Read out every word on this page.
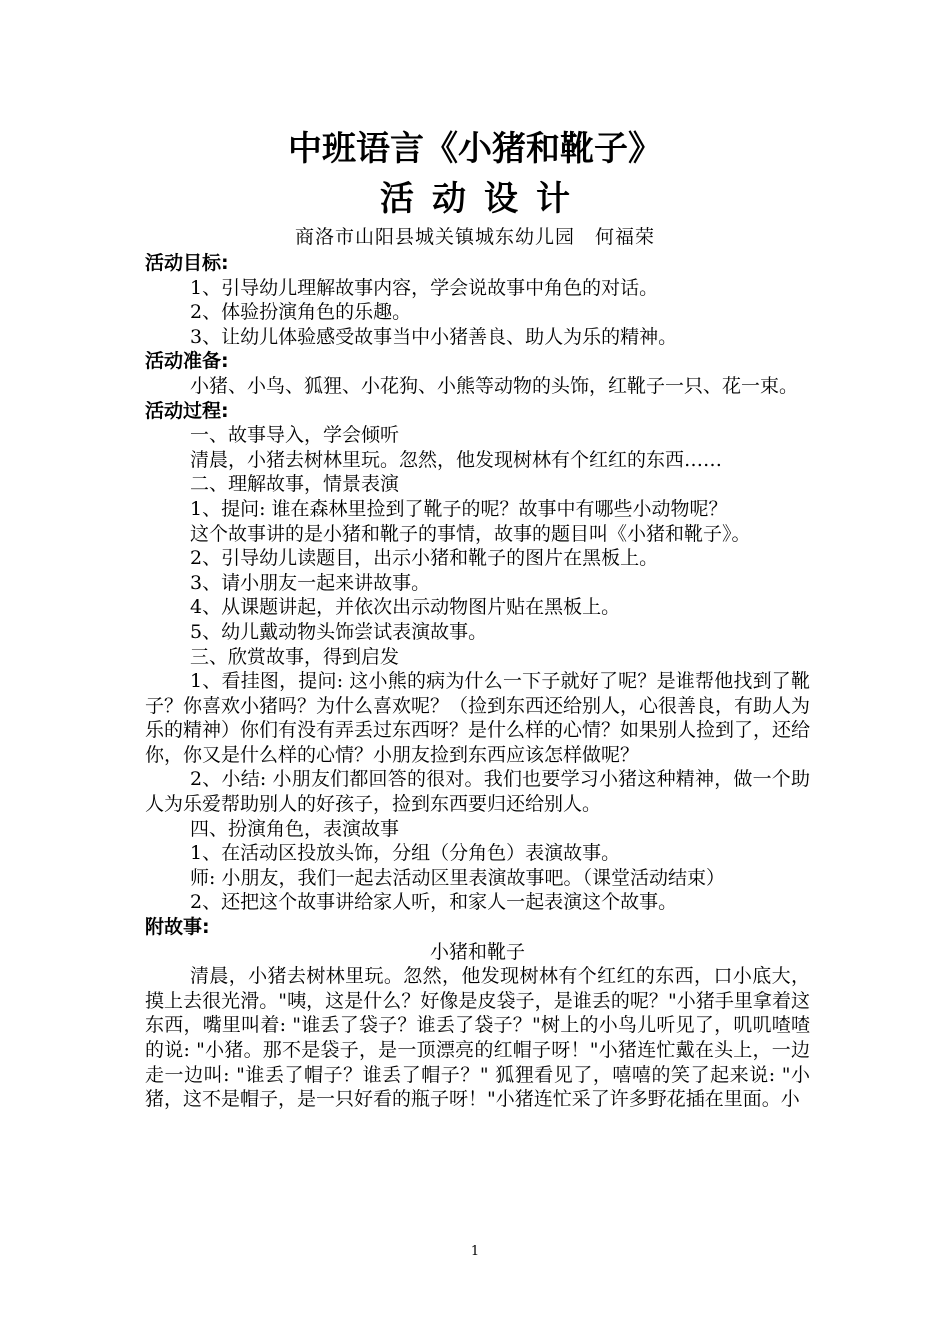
中班语言《小猪和靴子》
活动设计
商洛市山阳县城关镇城东幼儿园　何福荣

活动目标:

1、引导幼儿理解故事内容，学会说故事中角色的对话。

2、体验扮演角色的乐趣。

3、让幼儿体验感受故事当中小猪善良、助人为乐的精神。

活动准备:

小猪、小鸟、狐狸、小花狗、小熊等动物的头饰，红靴子一只、花一束。

活动过程:

一、故事导入，学会倾听

清晨，小猪去树林里玩。忽然，他发现树林有个红红的东西……

二、理解故事，情景表演

1、提问: 谁在森林里捡到了靴子的呢？故事中有哪些小动物呢？

这个故事讲的是小猪和靴子的事情，故事的题目叫《小猪和靴子》。

2、引导幼儿读题目，出示小猪和靴子的图片在黑板上。

3、请小朋友一起来讲故事。

4、从课题讲起，并依次出示动物图片贴在黑板上。

5、幼儿戴动物头饰尝试表演故事。

三、欣赏故事，得到启发

1、看挂图，提问: 这小熊的病为什么一下子就好了呢？是谁帮他找到了靴子？你喜欢小猪吗？为什么喜欢呢？（捡到东西还给别人，心很善良，有助人为乐的精神）你们有没有弄丢过东西呀？是什么样的心情？如果别人捡到了，还给你，你又是什么样的心情？小朋友捡到东西应该怎样做呢？

2、小结: 小朋友们都回答的很对。我们也要学习小猪这种精神，做一个助人为乐爱帮助别人的好孩子，捡到东西要归还给别人。

四、扮演角色，表演故事

1、在活动区投放头饰，分组（分角色）表演故事。

师: 小朋友，我们一起去活动区里表演故事吧。（课堂活动结束）

2、还把这个故事讲给家人听，和家人一起表演这个故事。

附故事:

小猪和靴子

清晨，小猪去树林里玩。忽然，他发现树林有个红红的东西，口小底大，摸上去很光滑。"咦，这是什么？好像是皮袋子，是谁丢的呢？"小猪手里拿着这东西，嘴里叫着: "谁丢了袋子？谁丢了袋子？"树上的小鸟儿听见了，叽叽喳喳的说: "小猪。那不是袋子，是一顶漂亮的红帽子呀！"小猪连忙戴在头上，一边走一边叫: "谁丢了帽子？谁丢了帽子？" 狐狸看见了，嘻嘻的笑了起来说: "小猪，这不是帽子，是一只好看的瓶子呀！"小猪连忙采了许多野花插在里面。小

1
